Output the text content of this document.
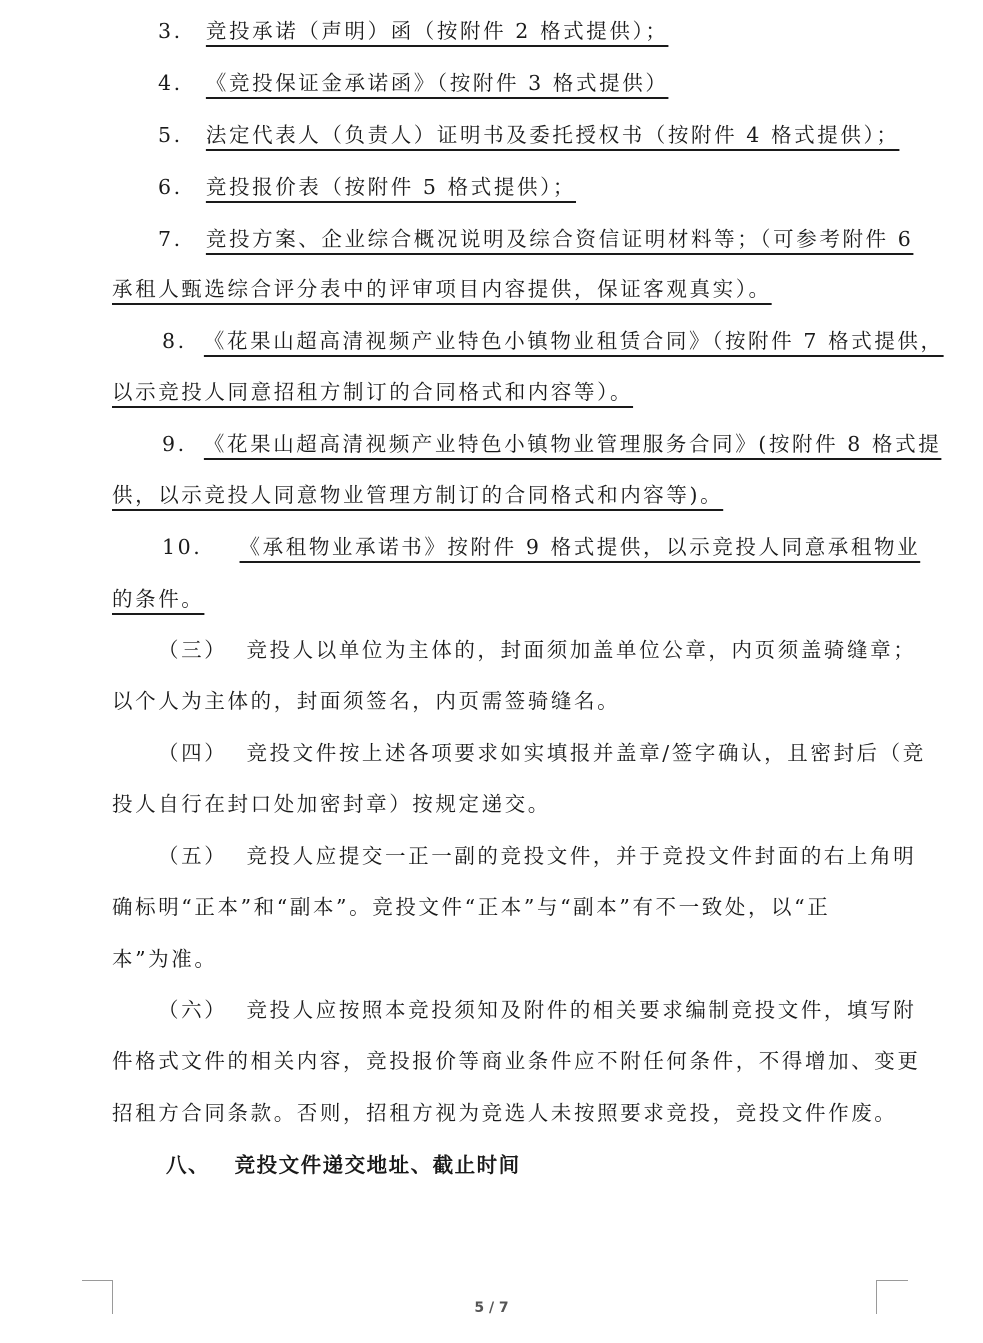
3. 竞投承诺（声明）函（按附件 2 格式提供）；
4. 《竞投保证金承诺函》（按附件 3 格式提供）
5. 法定代表人（负责人）证明书及委托授权书（按附件 4 格式提供）；
6. 竞投报价表（按附件 5 格式提供）；
7. 竞投方案、企业综合概况说明及综合资信证明材料等；（可参考附件 6
承租人甄选综合评分表中的评审项目内容提供，保证客观真实）。
8. 《花果山超高清视频产业特色小镇物业租赁合同》（按附件 7 格式提供，
以示竞投人同意招租方制订的合同格式和内容等）。
9. 《花果山超高清视频产业特色小镇物业管理服务合同》(按附件 8 格式提
供，以示竞投人同意物业管理方制订的合同格式和内容等)。
10. 《承租物业承诺书》按附件 9 格式提供，以示竞投人同意承租物业
的条件。
（三） 竞投人以单位为主体的，封面须加盖单位公章，内页须盖骑缝章；
以个人为主体的，封面须签名，内页需签骑缝名。
（四） 竞投文件按上述各项要求如实填报并盖章/签字确认，且密封后（竞
投人自行在封口处加密封章）按规定递交。
（五） 竞投人应提交一正一副的竞投文件，并于竞投文件封面的右上角明
确标明“正本”和“副本”。竞投文件“正本”与“副本”有不一致处，以“正
本”为准。
（六） 竞投人应按照本竞投须知及附件的相关要求编制竞投文件，填写附
件格式文件的相关内容，竞投报价等商业条件应不附任何条件，不得增加、变更
招租方合同条款。否则，招租方视为竞选人未按照要求竞投，竞投文件作废。
八、 竞投文件递交地址、截止时间
5 / 7
